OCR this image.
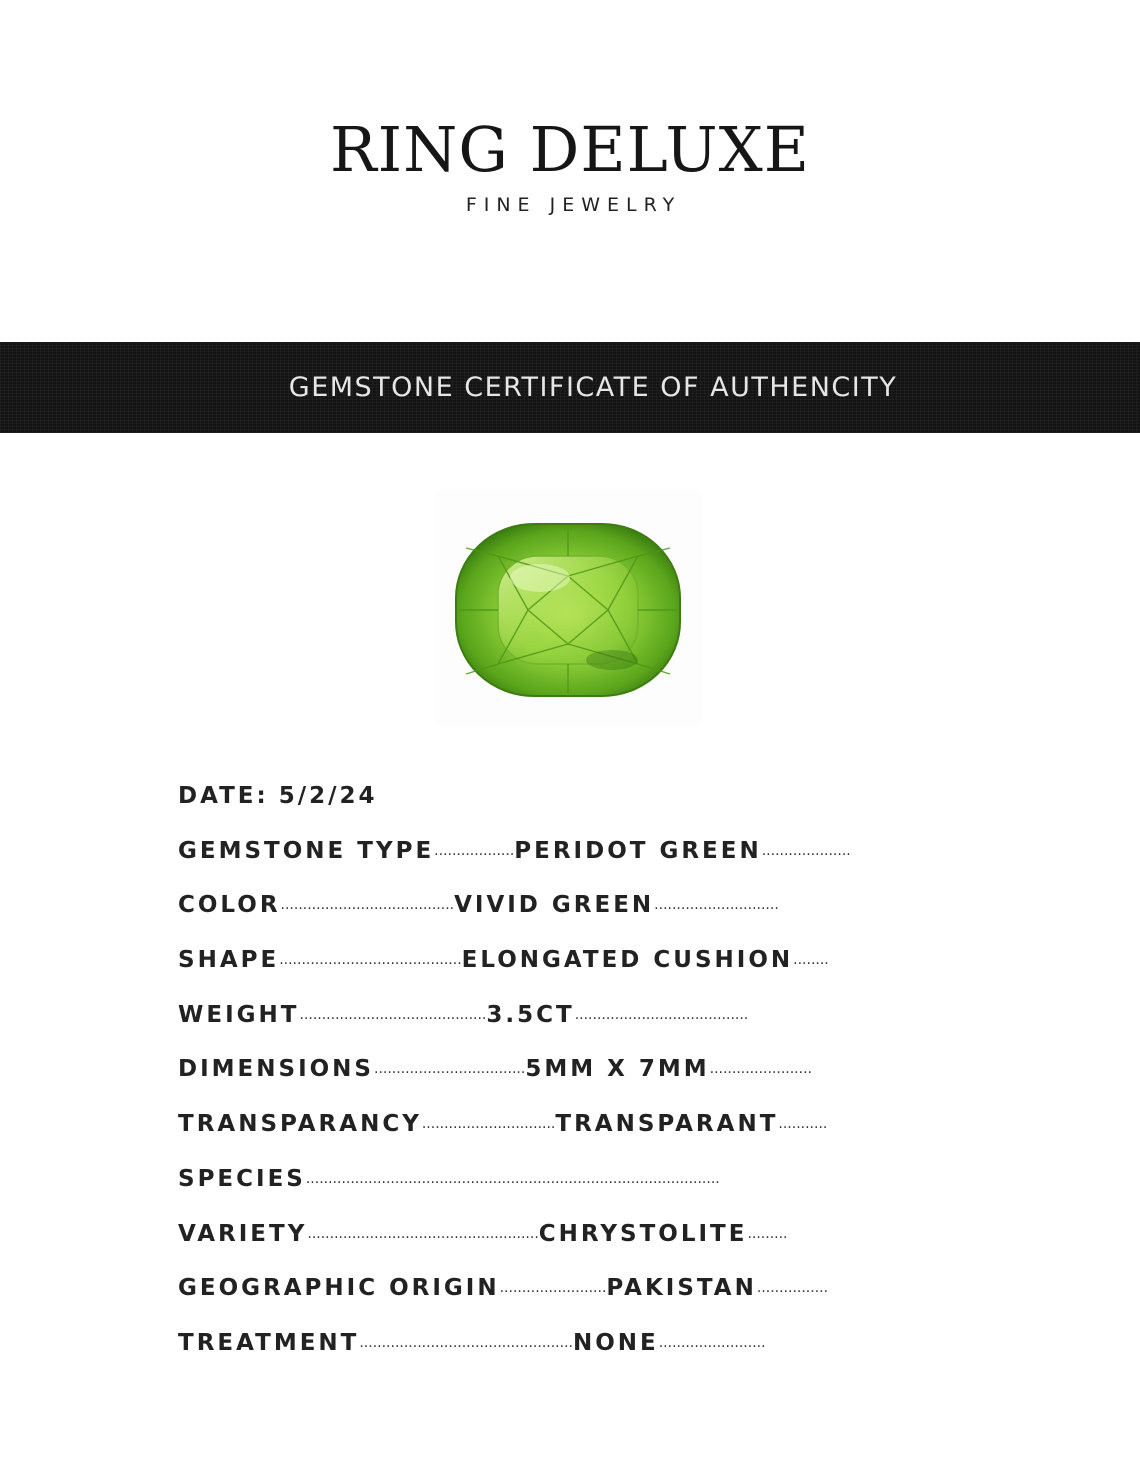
RING DELUXE
FINE JEWELRY
GEMSTONE CERTIFICATE OF AUTHENCITY
DATE: 5/2/24
GEMSTONE TYPE .................. PERIDOT GREEN ....................
COLOR ....................................... VIVID GREEN ............................
SHAPE ......................................... ELONGATED CUSHION ........
WEIGHT .......................................... 3.5CT .......................................
DIMENSIONS .................................. 5MM X 7MM .......................
TRANSPARANCY .............................. TRANSPARANT ...........
SPECIES .............................................................................................
VARIETY .................................................... CHRYSTOLITE .........
GEOGRAPHIC ORIGIN ........................ PAKISTAN ................
TREATMENT ................................................ NONE ........................
